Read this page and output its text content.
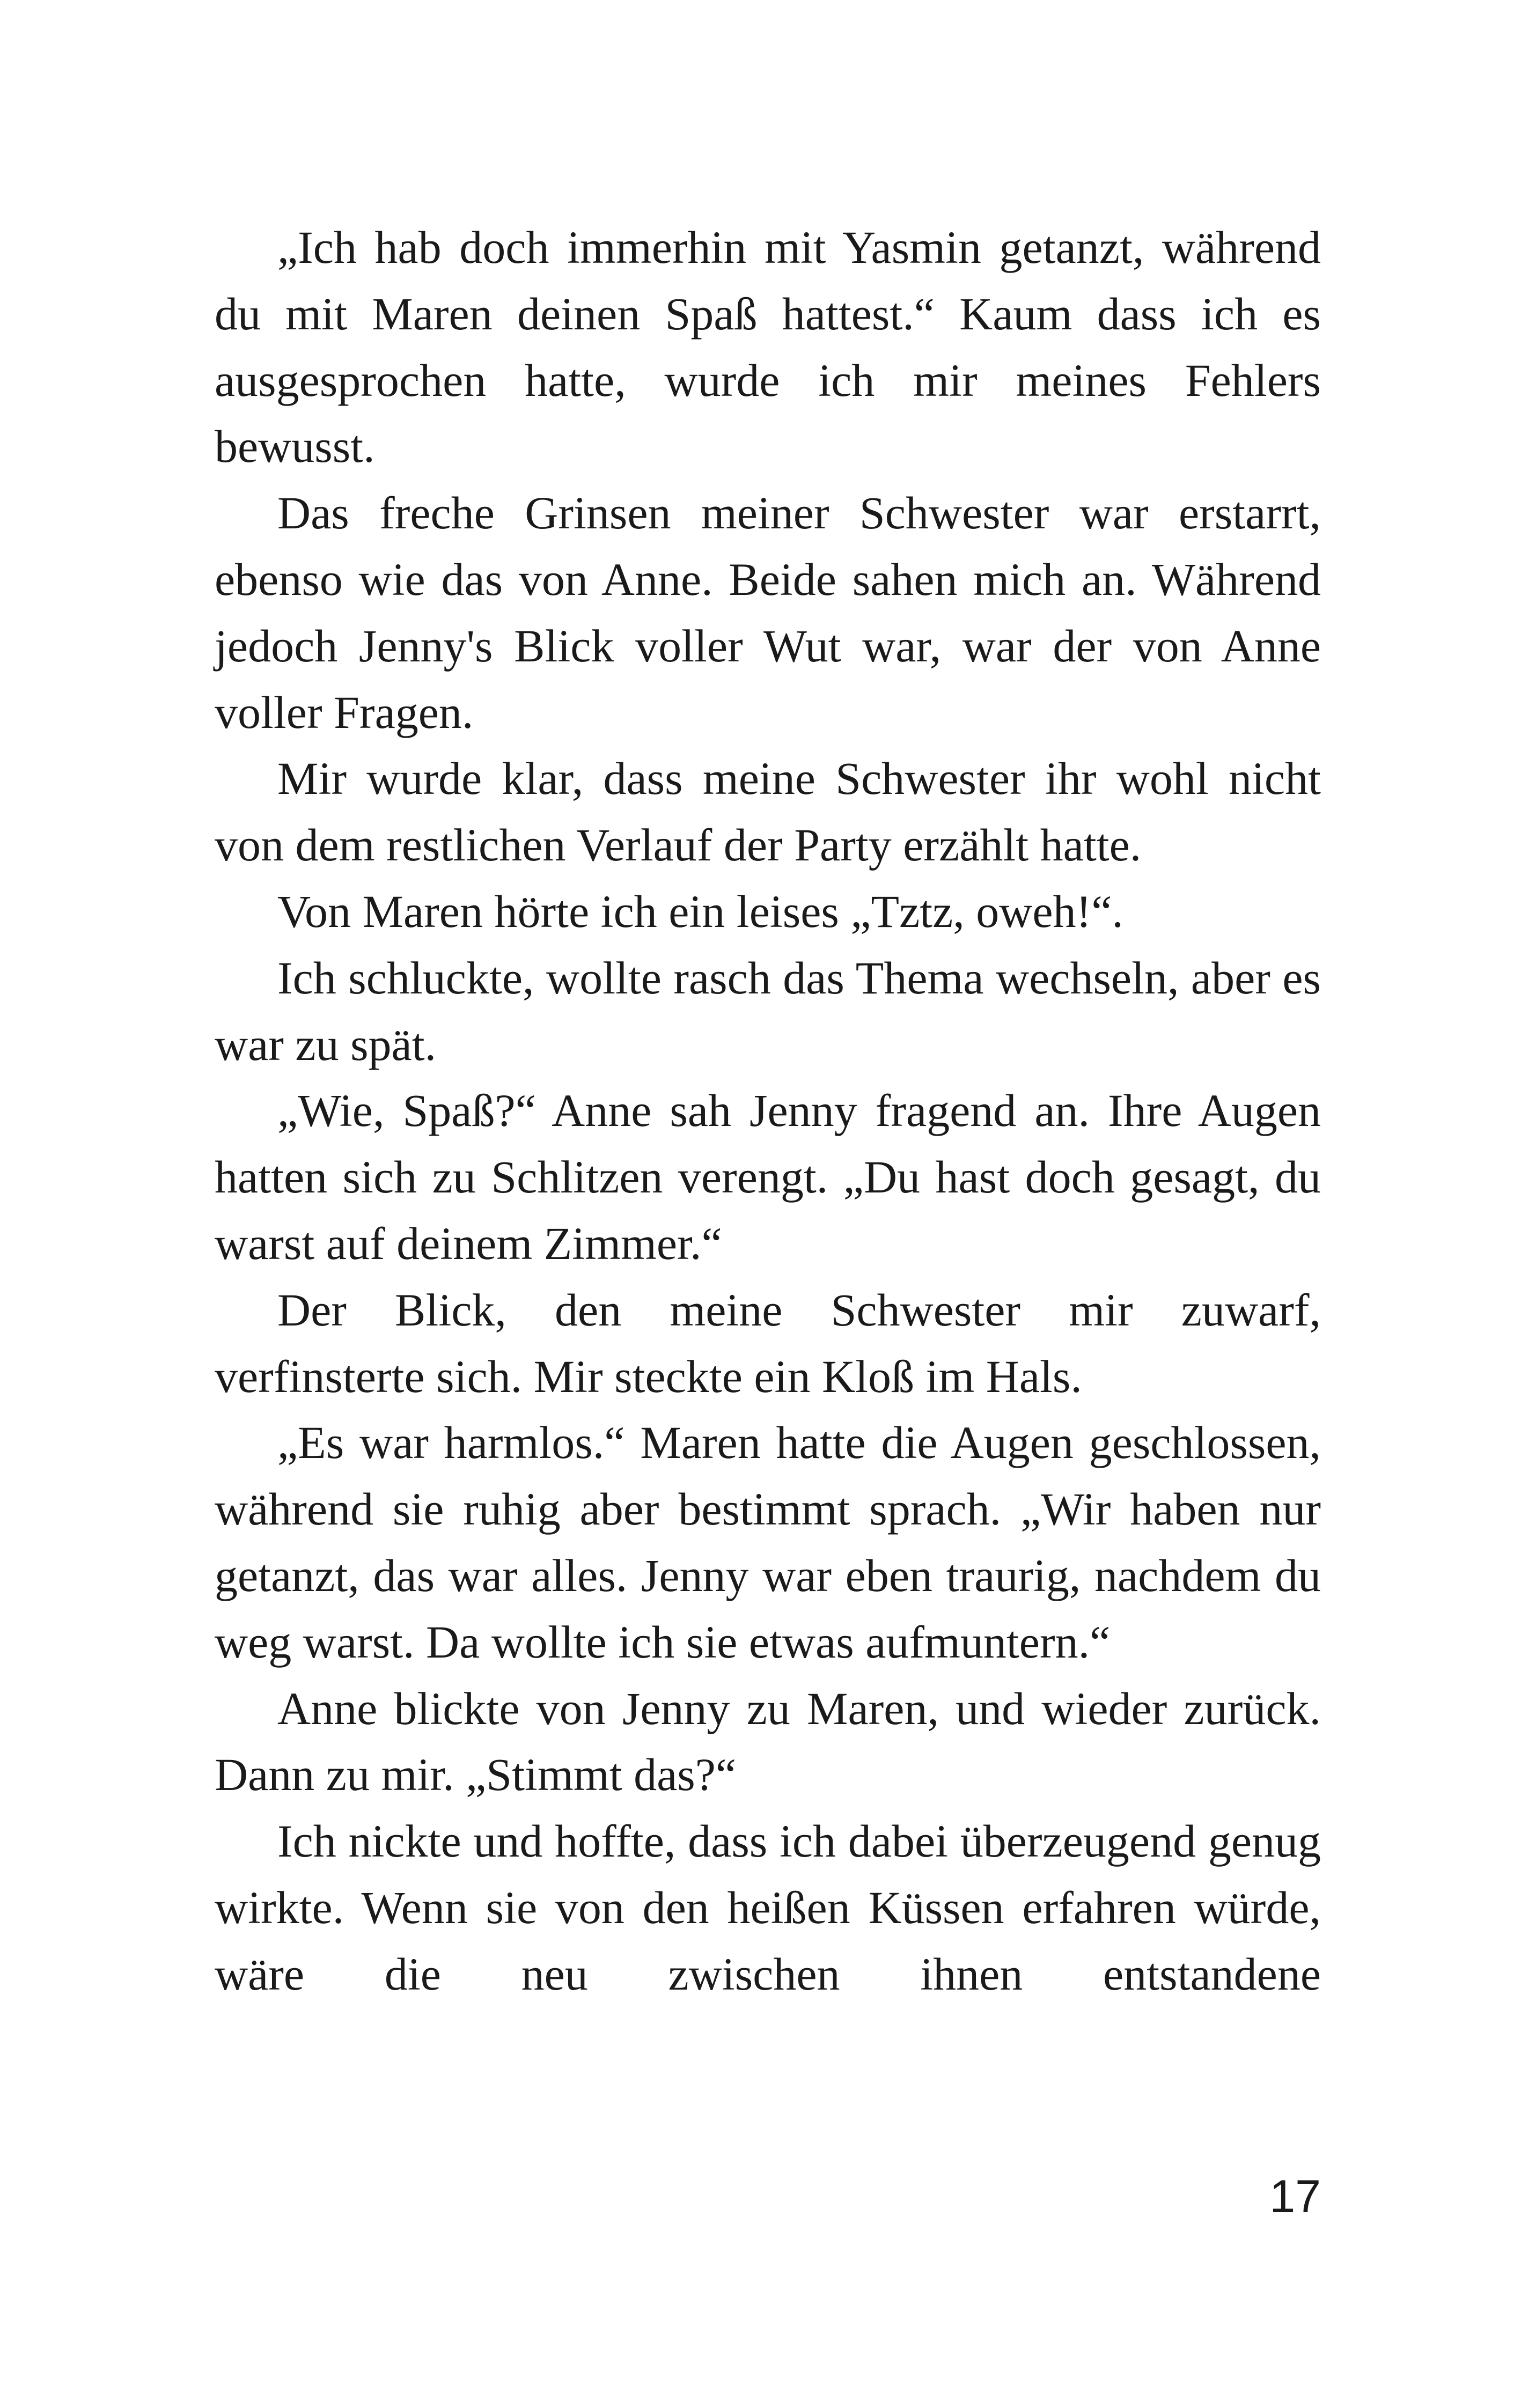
„Ich hab doch immerhin mit Yasmin getanzt, während du mit Maren deinen Spaß hattest.“ Kaum dass ich es ausgesprochen hatte, wurde ich mir meines Fehlers bewusst.

Das freche Grinsen meiner Schwester war erstarrt, ebenso wie das von Anne. Beide sahen mich an. Während jedoch Jenny's Blick voller Wut war, war der von Anne voller Fragen.

Mir wurde klar, dass meine Schwester ihr wohl nicht von dem restlichen Verlauf der Party erzählt hatte.

Von Maren hörte ich ein leises „Tztz, oweh!“.

Ich schluckte, wollte rasch das Thema wechseln, aber es war zu spät.

„Wie, Spaß?“ Anne sah Jenny fragend an. Ihre Augen hatten sich zu Schlitzen verengt. „Du hast doch gesagt, du warst auf deinem Zimmer.“

Der Blick, den meine Schwester mir zuwarf, verfinsterte sich. Mir steckte ein Kloß im Hals.

„Es war harmlos.“ Maren hatte die Augen geschlossen, während sie ruhig aber bestimmt sprach. „Wir haben nur getanzt, das war alles. Jenny war eben traurig, nachdem du weg warst. Da wollte ich sie etwas aufmuntern.“

Anne blickte von Jenny zu Maren, und wieder zurück. Dann zu mir. „Stimmt das?“

Ich nickte und hoffte, dass ich dabei überzeugend genug wirkte. Wenn sie von den heißen Küssen erfahren würde, wäre die neu zwischen ihnen entstandene

17
